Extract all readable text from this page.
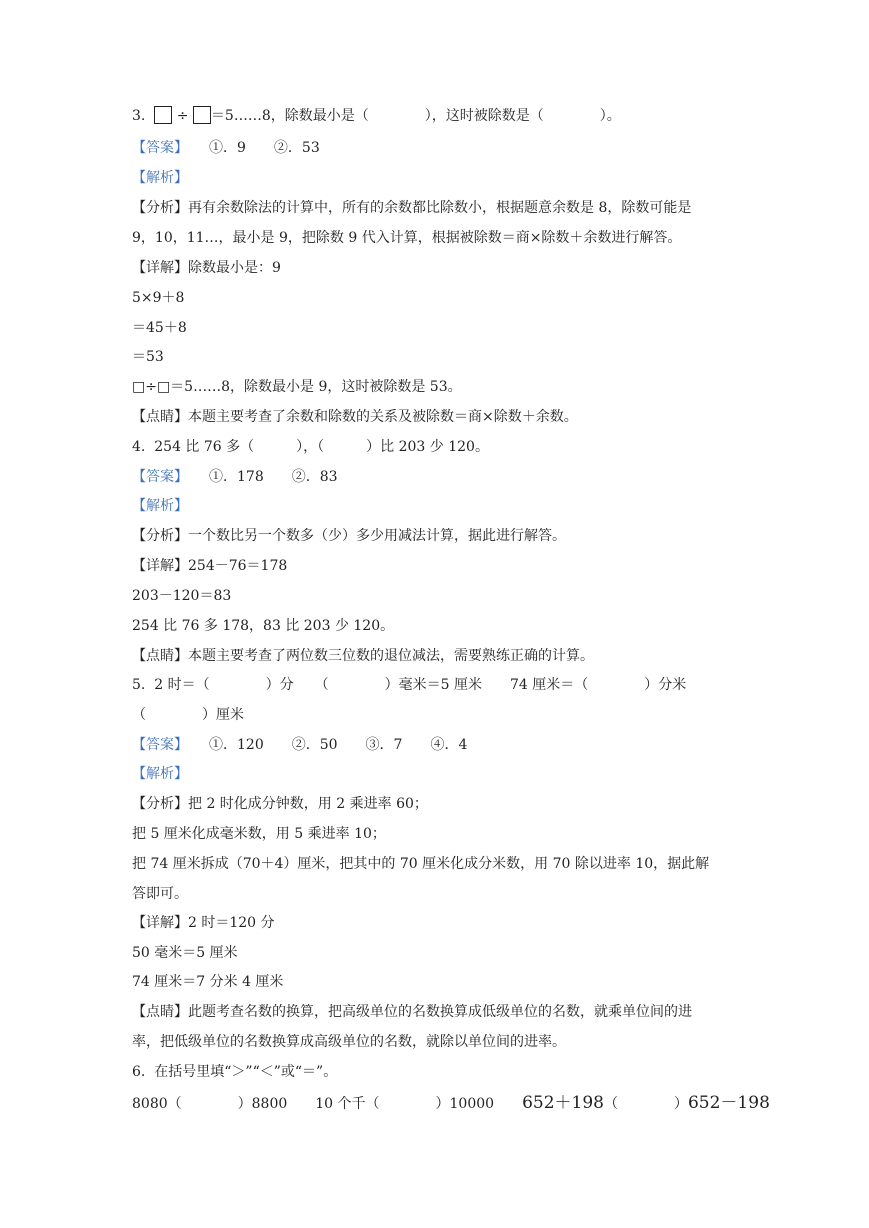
3. ÷ ＝5……8，除数最小是（　　　　），这时被除数是（　　　　）。
【答案】　　 ①．9　　②．53
【解析】
【分析】再有余数除法的计算中，所有的余数都比除数小，根据题意余数是 8，除数可能是
9，10，11…，最小是 9，把除数 9 代入计算，根据被除数＝商×除数＋余数进行解答。
【详解】除数最小是：9
5×9＋8
＝45＋8
＝53
□÷□＝5……8，除数最小是 9，这时被除数是 53。
【点睛】本题主要考查了余数和除数的关系及被除数＝商×除数＋余数。
4.  254 比 76 多（　　　），（　　　）比 203 少 120。
【答案】　　 ①．178　　②．83
【解析】
【分析】一个数比另一个数多（少）多少用减法计算，据此进行解答。
【详解】254－76＝178
203－120＝83
254 比 76 多 178，83 比 203 少 120。
【点睛】本题主要考查了两位数三位数的退位减法，需要熟练正确的计算。
5.  2 时＝（　　　　）分　　（　　　　）毫米＝5 厘米　　74 厘米＝（　　　　）分米
（　　　　）厘米
【答案】　　 ①．120　　②．50　　③．7　　④．4
【解析】
【分析】把 2 时化成分钟数，用 2 乘进率 60；
把 5 厘米化成毫米数，用 5 乘进率 10；
把 74 厘米拆成（70＋4）厘米，把其中的 70 厘米化成分米数，用 70 除以进率 10，据此解
答即可。
【详解】2 时＝120 分
50 毫米＝5 厘米
74 厘米＝7 分米 4 厘米
【点睛】此题考查名数的换算，把高级单位的名数换算成低级单位的名数，就乘单位间的进
率，把低级单位的名数换算成高级单位的名数，就除以单位间的进率。
6.  在括号里填“＞”“＜”或“＝”。
8080（　　　　）8800　　 10 个千（　　　　）10000　　 652＋198（　　　　）652－198
